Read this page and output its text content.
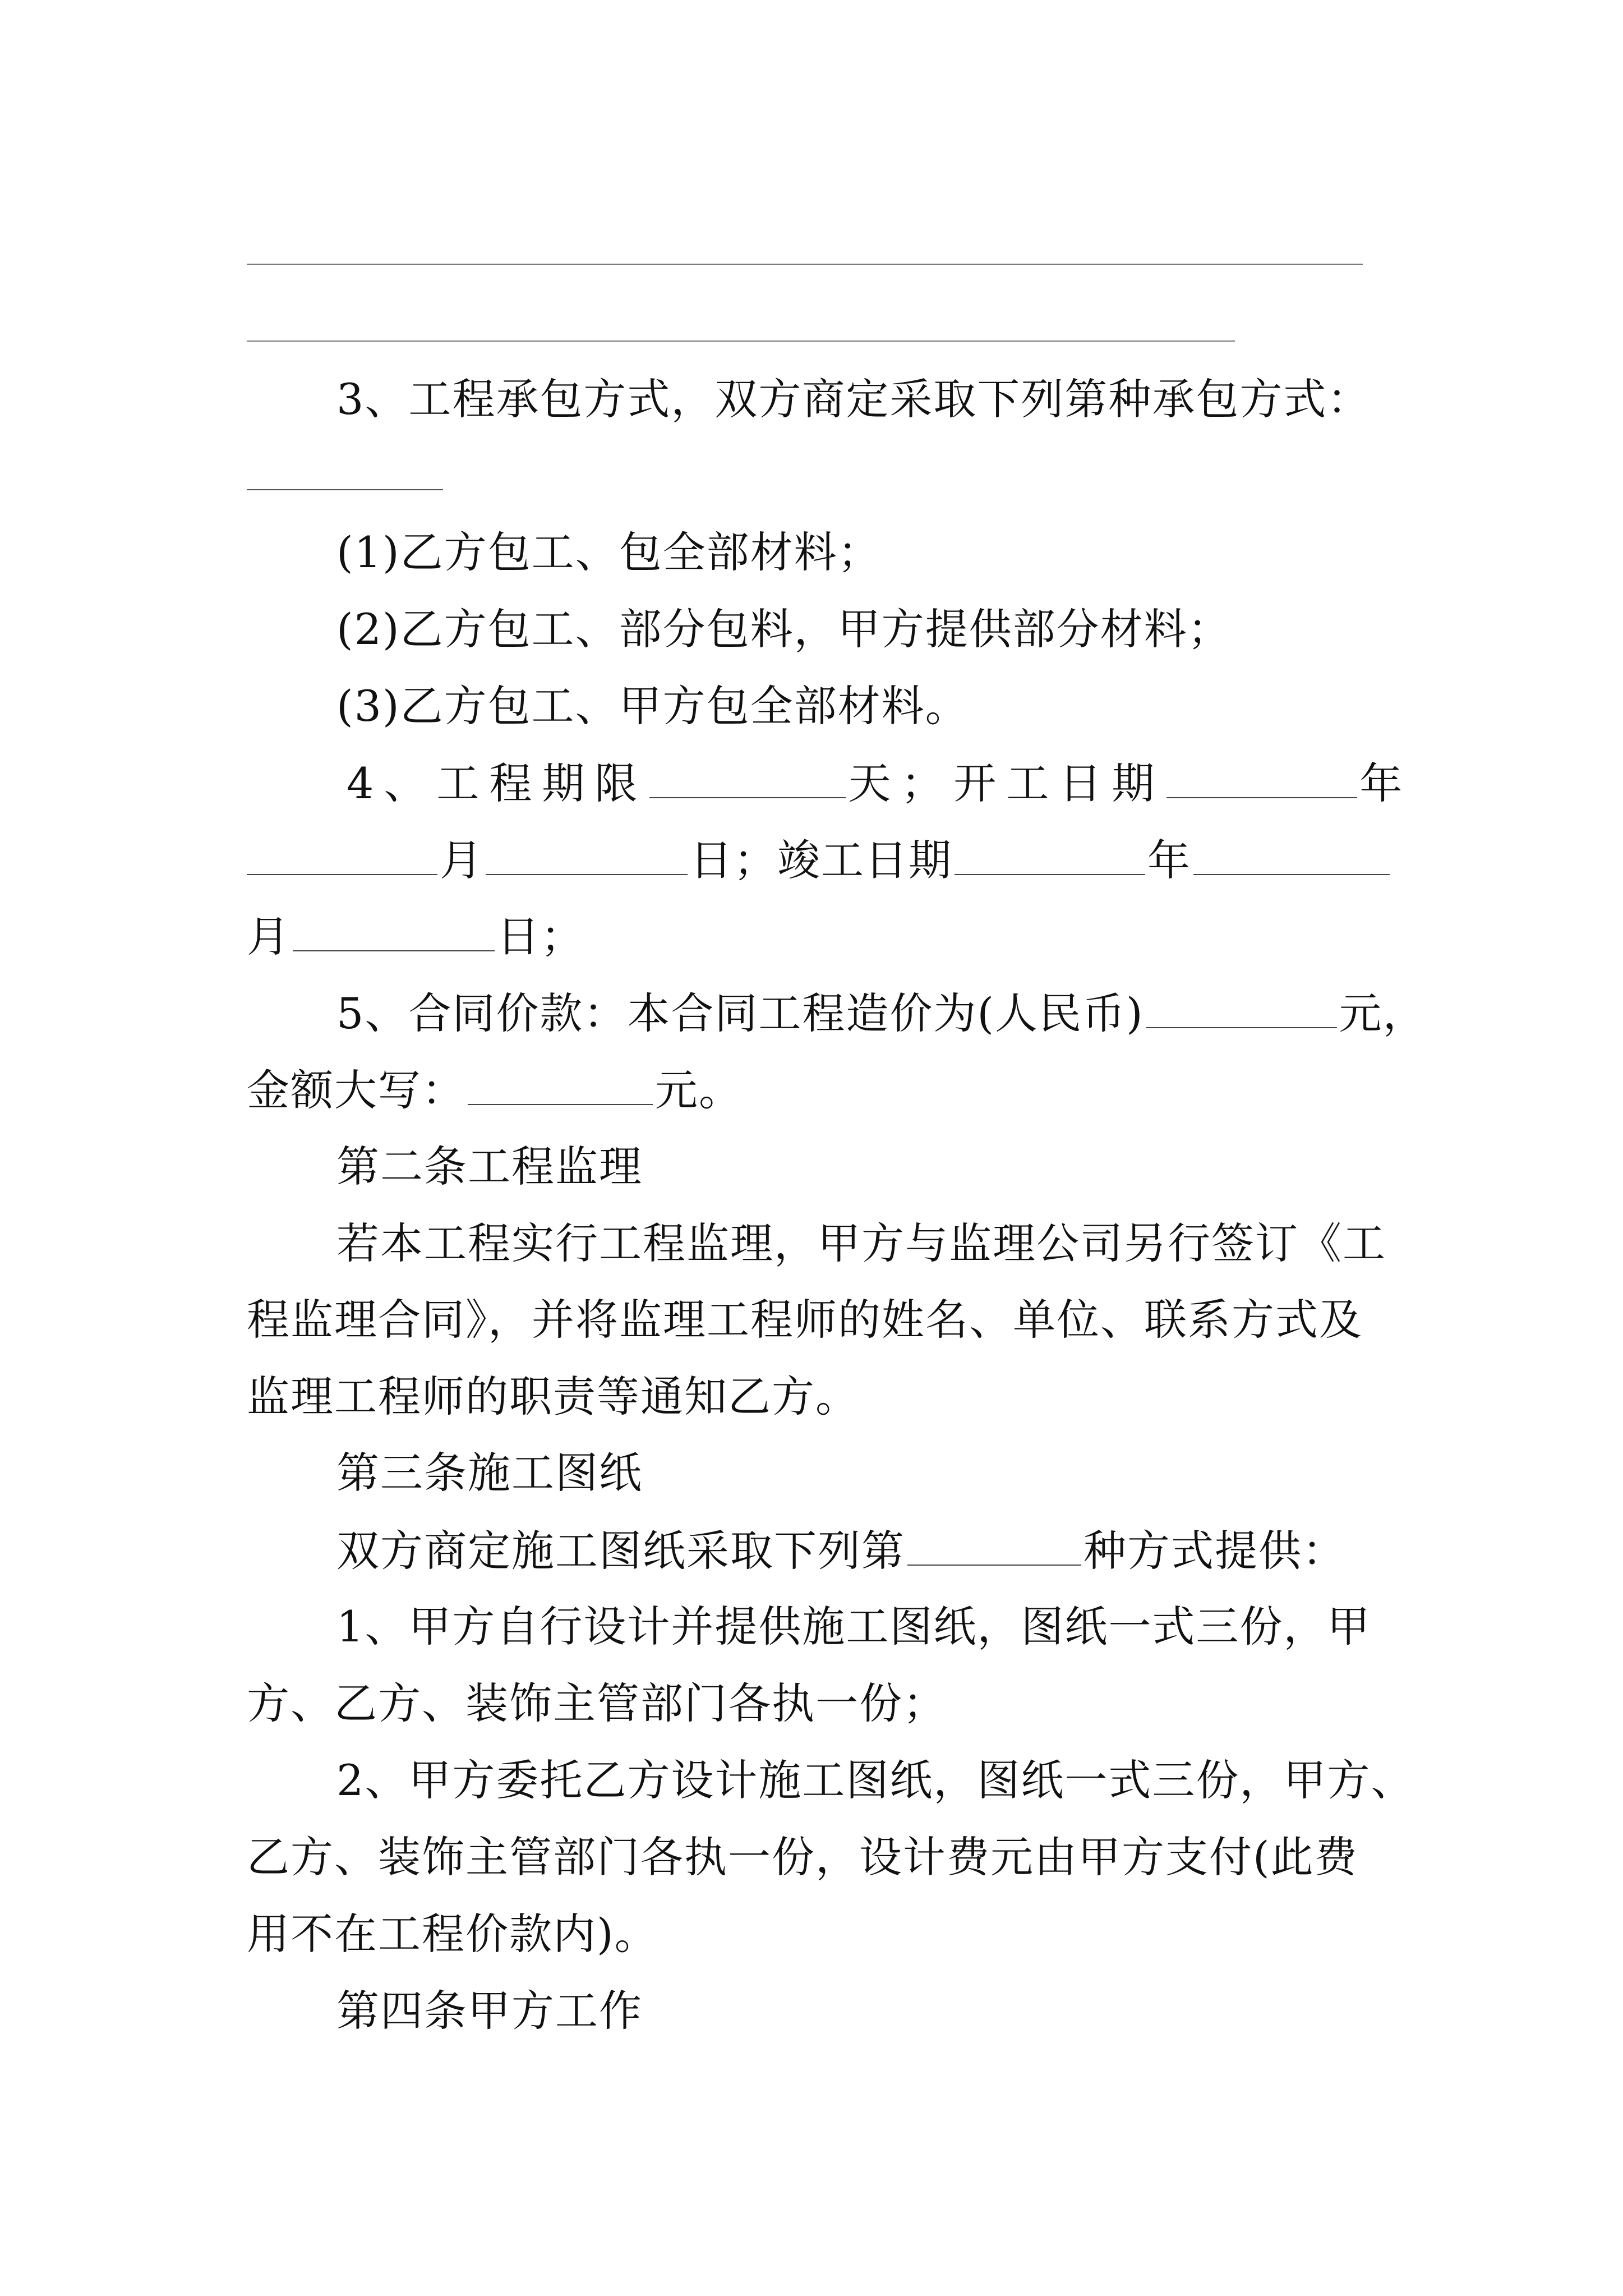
3、工程承包方式，双方商定采取下列第种承包方式：
(1)乙方包工、包全部材料；
(2)乙方包工、部分包料，甲方提供部分材料；
(3)乙方包工、甲方包全部材料。
4、工程期限	天；开工日期	年
月	日；竣工日期	年
月	日；
5、合同价款：本合同工程造价为(人民币)	元，
金额大写：	元。
第二条工程监理
若本工程实行工程监理，甲方与监理公司另行签订《工
程监理合同》，并将监理工程师的姓名、单位、联系方式及
监理工程师的职责等通知乙方。
第三条施工图纸
双方商定施工图纸采取下列第	种方式提供：
1、甲方自行设计并提供施工图纸，图纸一式三份，甲
方、乙方、装饰主管部门各执一份；
2、甲方委托乙方设计施工图纸，图纸一式三份，甲方、
乙方、装饰主管部门各执一份，设计费元由甲方支付(此费
用不在工程价款内)。
第四条甲方工作
